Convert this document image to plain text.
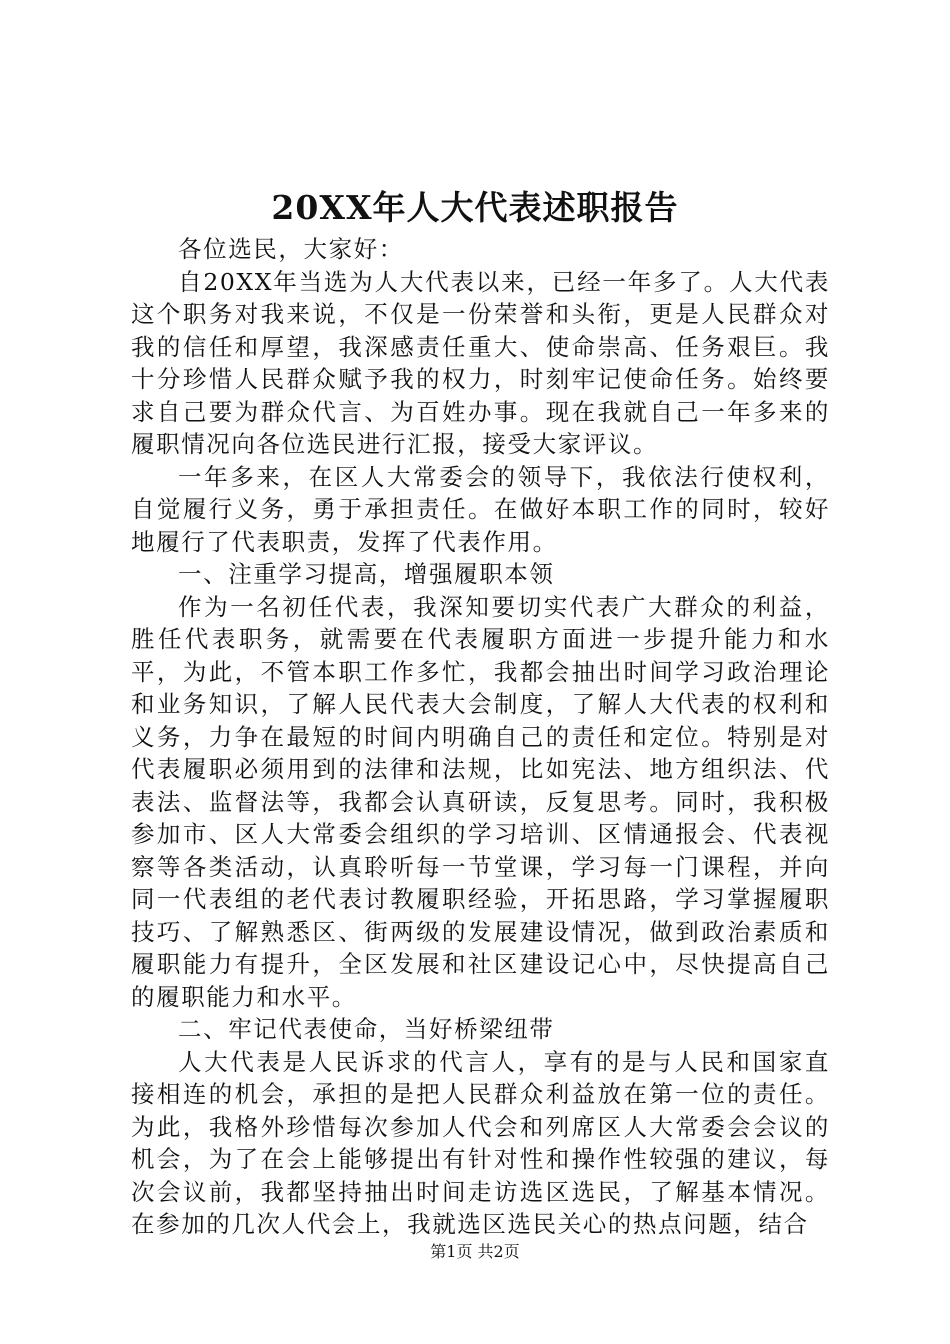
20XX年人大代表述职报告

各位选民，大家好：

自20XX年当选为人大代表以来，已经一年多了。人大代表这个职务对我来说，不仅是一份荣誉和头衔，更是人民群众对我的信任和厚望，我深感责任重大、使命崇高、任务艰巨。我十分珍惜人民群众赋予我的权力，时刻牢记使命任务。始终要求自己要为群众代言、为百姓办事。现在我就自己一年多来的履职情况向各位选民进行汇报，接受大家评议。

一年多来，在区人大常委会的领导下，我依法行使权利，自觉履行义务，勇于承担责任。在做好本职工作的同时，较好地履行了代表职责，发挥了代表作用。

一、注重学习提高，增强履职本领

作为一名初任代表，我深知要切实代表广大群众的利益，胜任代表职务，就需要在代表履职方面进一步提升能力和水平，为此，不管本职工作多忙，我都会抽出时间学习政治理论和业务知识，了解人民代表大会制度，了解人大代表的权利和义务，力争在最短的时间内明确自己的责任和定位。特别是对代表履职必须用到的法律和法规，比如宪法、地方组织法、代表法、监督法等，我都会认真研读，反复思考。同时，我积极参加市、区人大常委会组织的学习培训、区情通报会、代表视察等各类活动，认真聆听每一节堂课，学习每一门课程，并向同一代表组的老代表讨教履职经验，开拓思路，学习掌握履职技巧、了解熟悉区、街两级的发展建设情况，做到政治素质和履职能力有提升，全区发展和社区建设记心中，尽快提高自己的履职能力和水平。

二、牢记代表使命，当好桥梁纽带

人大代表是人民诉求的代言人，享有的是与人民和国家直接相连的机会，承担的是把人民群众利益放在第一位的责任。为此，我格外珍惜每次参加人代会和列席区人大常委会会议的机会，为了在会上能够提出有针对性和操作性较强的建议，每次会议前，我都坚持抽出时间走访选区选民，了解基本情况。在参加的几次人代会上，我就选区选民关心的热点问题，结合

第1页 共2页
